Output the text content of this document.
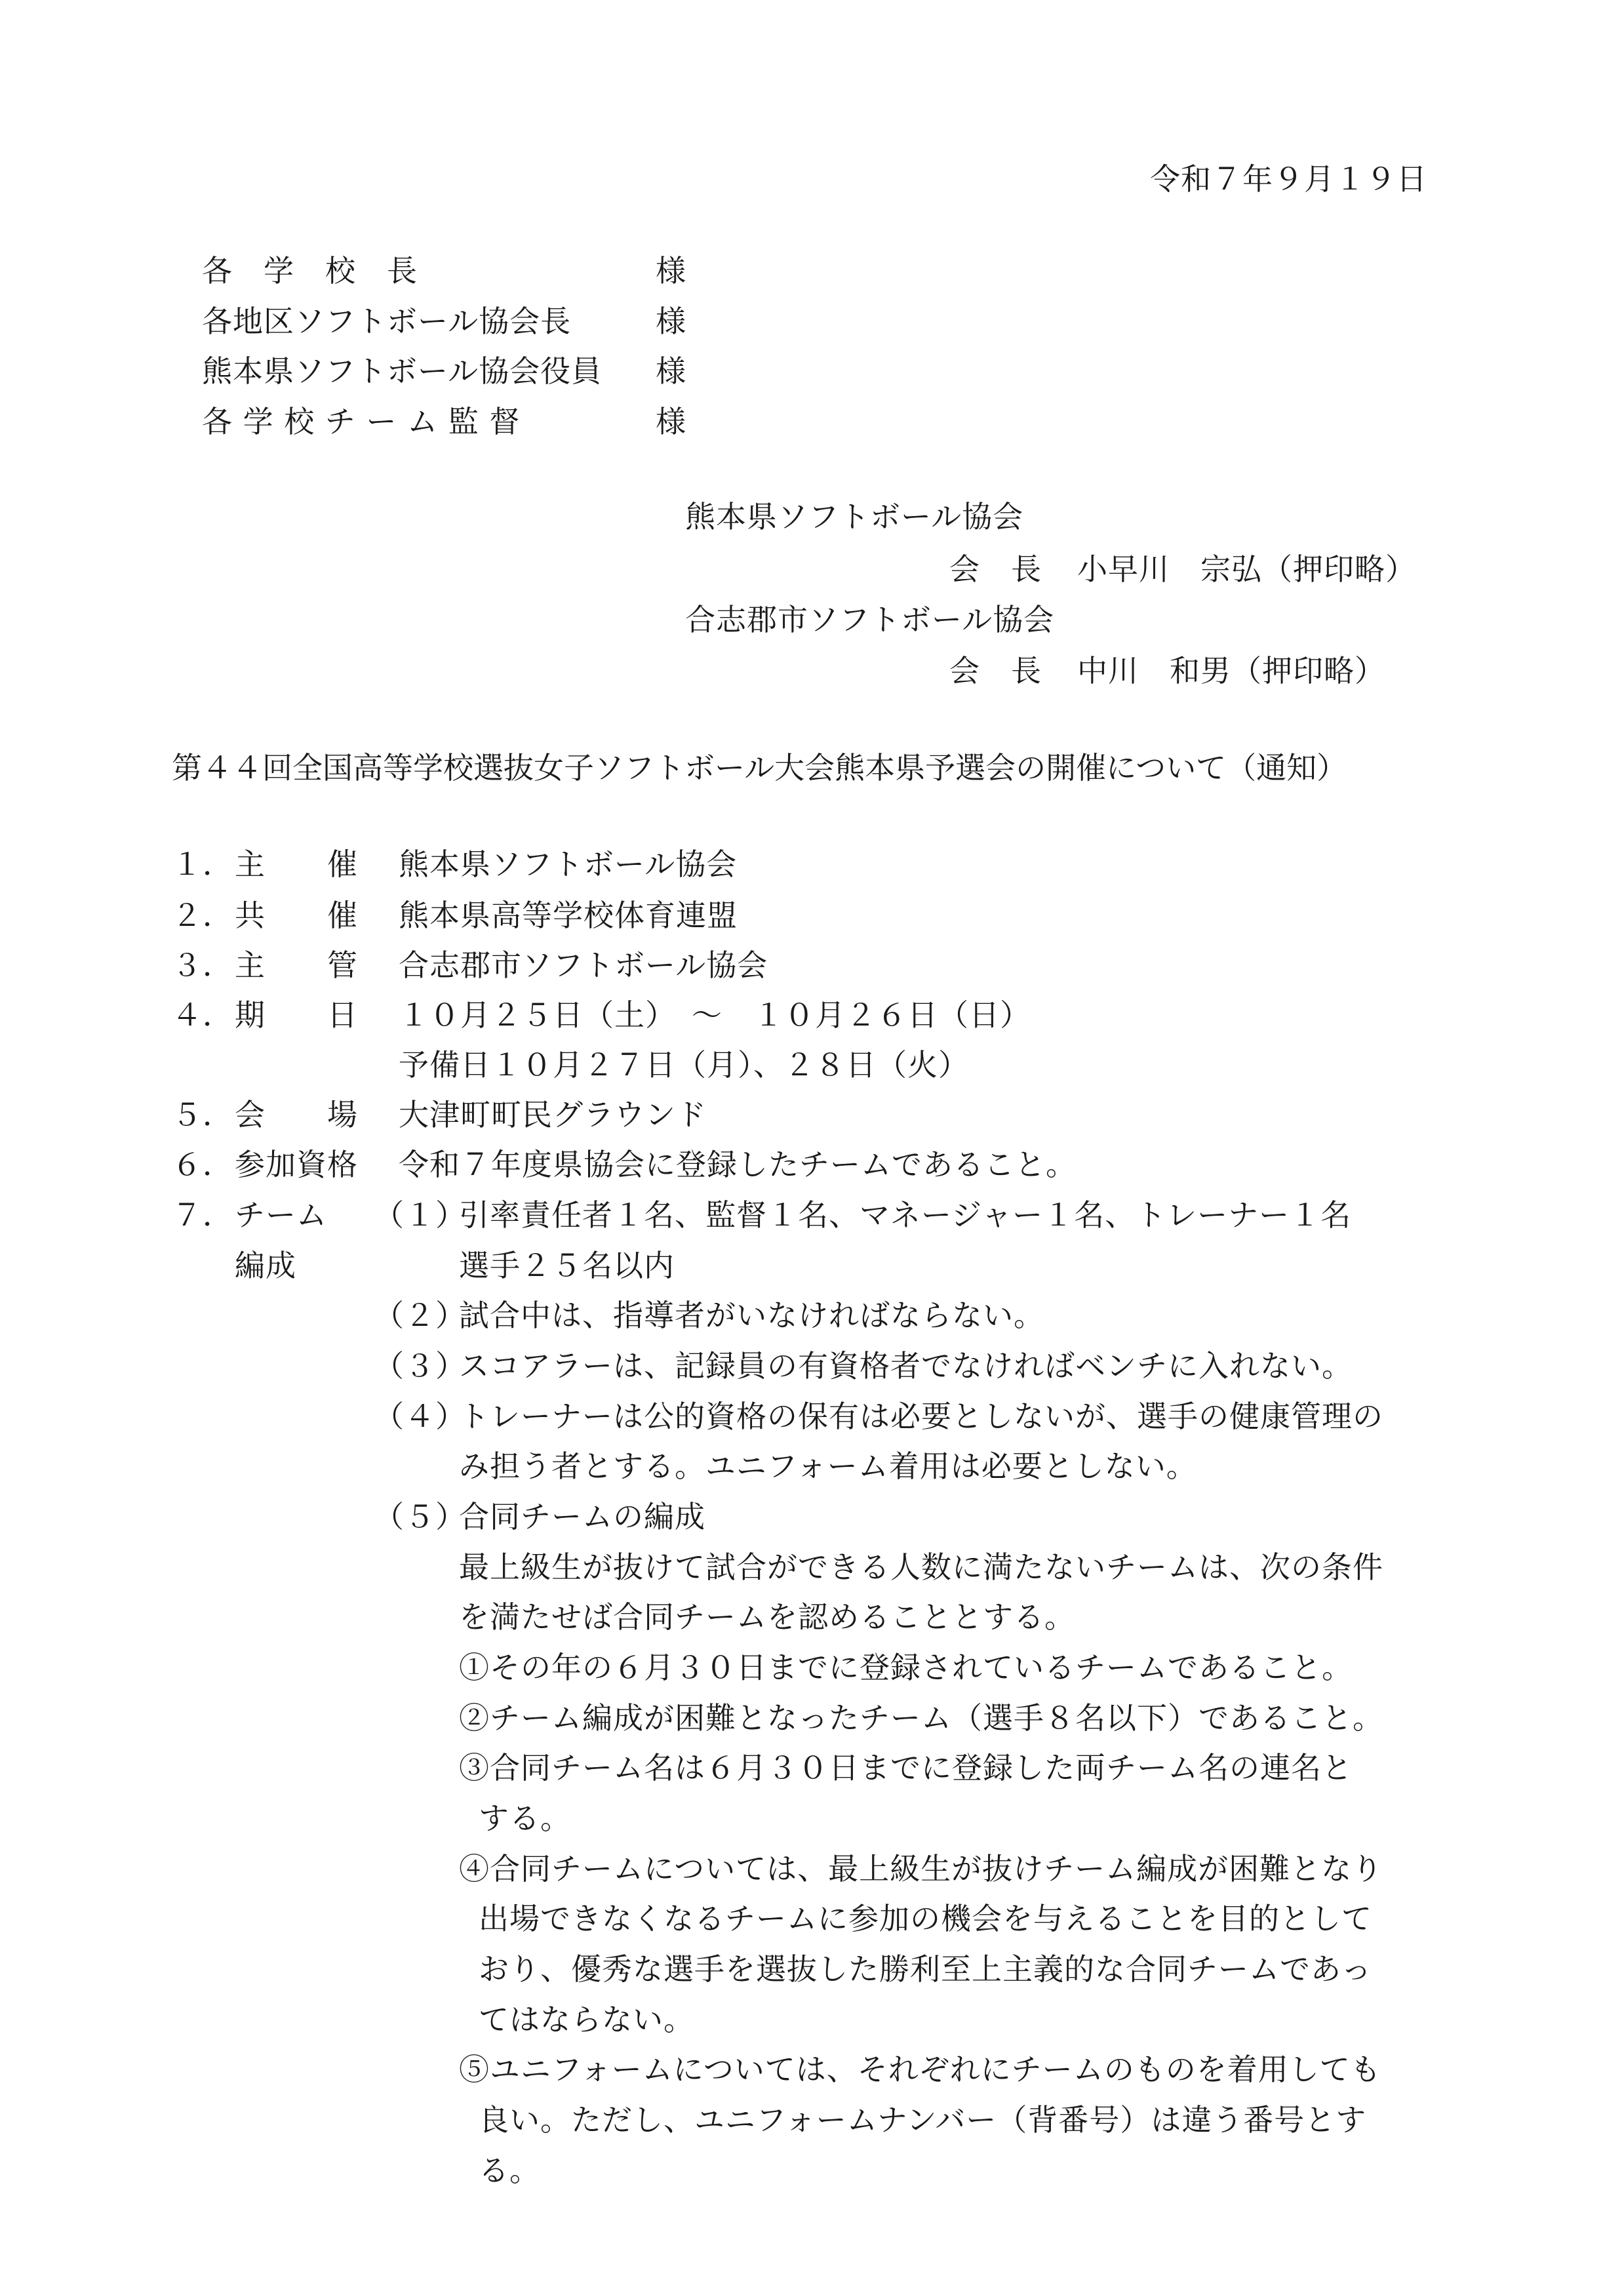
令和７年９月１９日
各　学　校　長	様
各地区ソフトボール協会長	様
熊本県ソフトボール協会役員 様
各 学 校 チ ー ム 監 督	様
熊本県ソフトボール協会
会　長 小早川　宗弘（押印略）
合志郡市ソフトボール協会
会　長 中川　和男（押印略）
第４４回全国高等学校選抜女子ソフトボール大会熊本県予選会の開催について（通知）
１． 主　　催 熊本県ソフトボール協会
２． 共　　催 熊本県高等学校体育連盟
３． 主　　管 合志郡市ソフトボール協会
４． 期　　日 １０月２５日（土）　～　１０月２６日（日）
予備日１０月２７日（月）、２８日（火）
５． 会　　場 大津町町民グラウンド
６． 参加資格 令和７年度県協会に登録したチームであること。
７． チーム
編成
（１）
引率責任者１名、監督１名、マネージャー１名、トレーナー１名
選手２５名以内
（２）
試合中は、指導者がいなければならない。
（３）
スコアラーは、記録員の有資格者でなければベンチに入れない。
（４）
トレーナーは公的資格の保有は必要としないが、選手の健康管理の
み担う者とする。ユニフォーム着用は必要としない。
（５）
合同チームの編成
最上級生が抜けて試合ができる人数に満たないチームは、次の条件
を満たせば合同チームを認めることとする。
①その年の６月３０日までに登録されているチームであること。
②チーム編成が困難となったチーム（選手８名以下）であること。
③合同チーム名は６月３０日までに登録した両チーム名の連名と
する。
④合同チームについては、最上級生が抜けチーム編成が困難となり
出場できなくなるチームに参加の機会を与えることを目的として
おり、優秀な選手を選抜した勝利至上主義的な合同チームであっ
てはならない。
⑤ユニフォームについては、それぞれにチームのものを着用しても
良い。ただし、ユニフォームナンバー（背番号）は違う番号とす
る。
